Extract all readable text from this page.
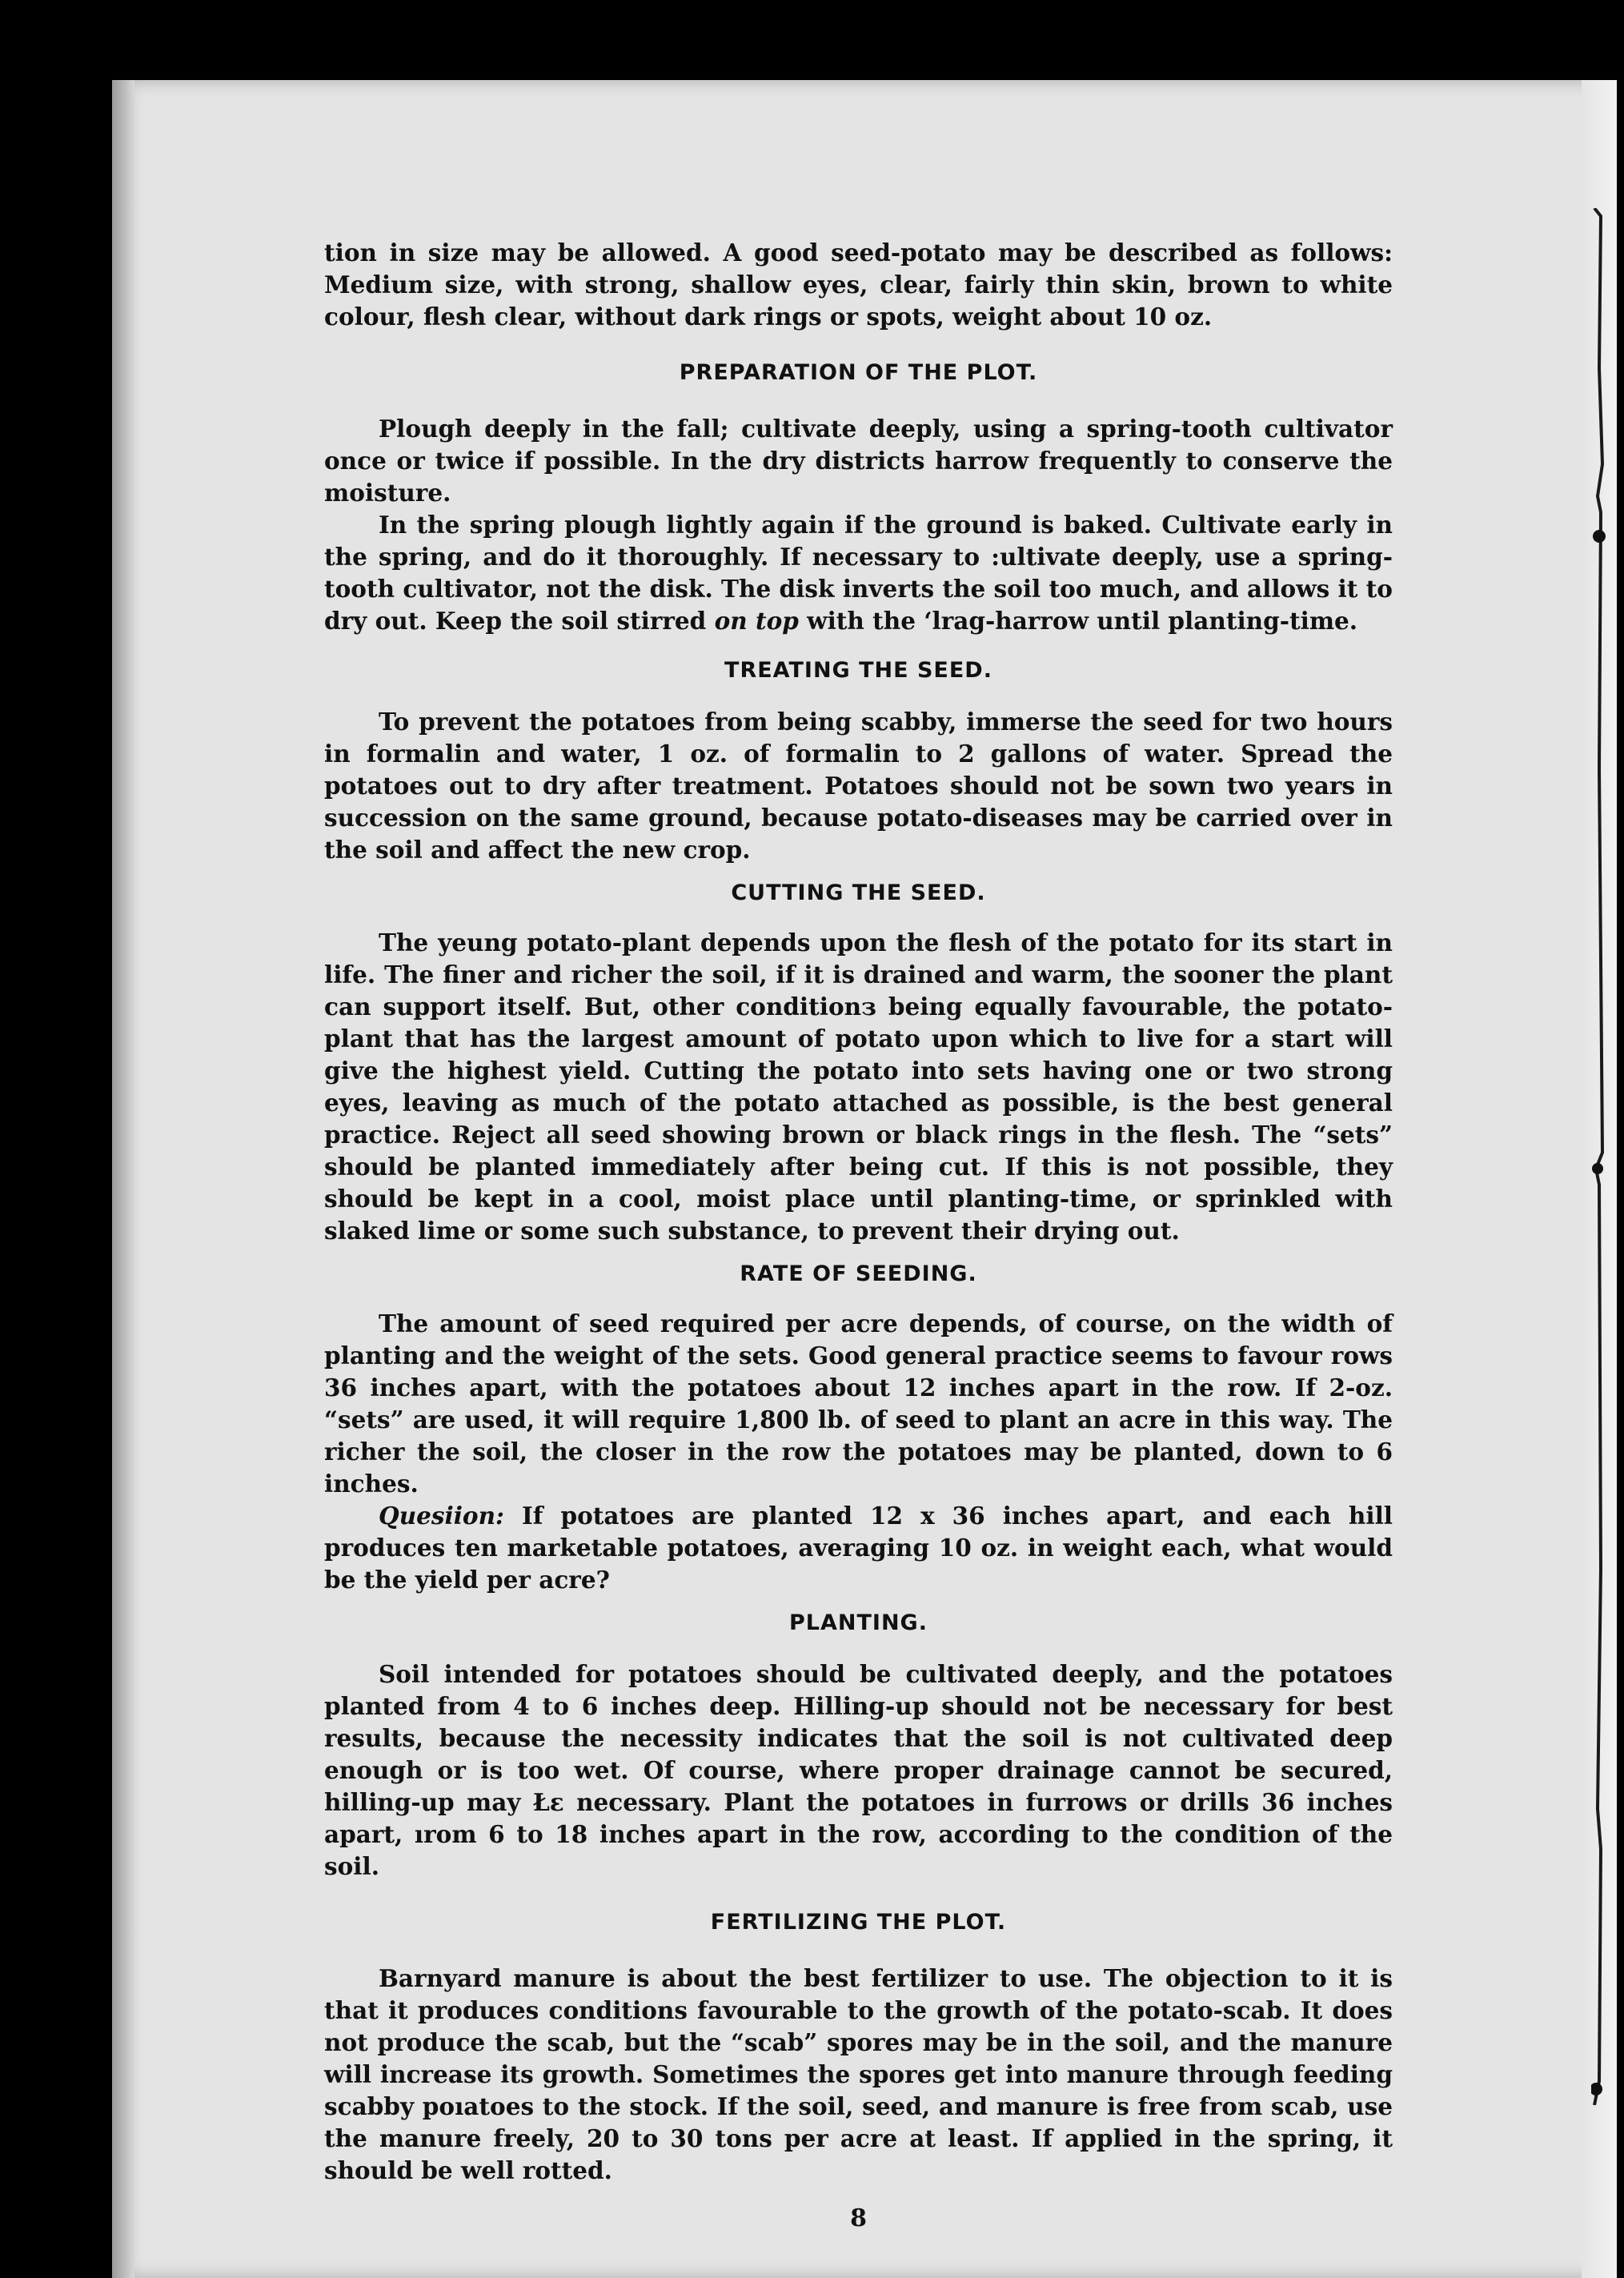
tion in size may be allowed. A good seed-potato may be described as follows: Medium size, with strong, shallow eyes, clear, fairly thin skin, brown to white colour, flesh clear, without dark rings or spots, weight about 10 oz.

PREPARATION OF THE PLOT.

Plough deeply in the fall; cultivate deeply, using a spring-tooth cultivator once or twice if possible. In the dry districts harrow frequently to conserve the moisture.

In the spring plough lightly again if the ground is baked. Cultivate early in the spring, and do it thoroughly. If necessary to :ultivate deeply, use a spring-tooth cultivator, not the disk. The disk inverts the soil too much, and allows it to dry out. Keep the soil stirred on top with the ‘lrag-harrow until planting-time.

TREATING THE SEED.

To prevent the potatoes from being scabby, immerse the seed for two hours in formalin and water, 1 oz. of formalin to 2 gallons of water. Spread the potatoes out to dry after treatment. Potatoes should not be sown two years in succession on the same ground, because potato-diseases may be carried over in the soil and affect the new crop.

CUTTING THE SEED.

The yeung potato-plant depends upon the flesh of the potato for its start in life. The finer and richer the soil, if it is drained and warm, the sooner the plant can support itself. But, other conditionз being equally favourable, the potato-plant that has the largest amount of potato upon which to live for a start will give the highest yield. Cutting the potato into sets having one or two strong eyes, leaving as much of the potato attached as possible, is the best general practice. Reject all seed showing brown or black rings in the flesh. The “sets” should be planted immediately after being cut. If this is not possible, they should be kept in a cool, moist place until planting-time, or sprinkled with slaked lime or some such substance, to prevent their drying out.

RATE OF SEEDING.

The amount of seed required per acre depends, of course, on the width of planting and the weight of the sets. Good general practice seems to favour rows 36 inches apart, with the potatoes about 12 inches apart in the row. If 2-oz. “sets” are used, it will require 1,800 lb. of seed to plant an acre in this way. The richer the soil, the closer in the row the potatoes may be planted, down to 6 inches.

Quesiion: If potatoes are planted 12 x 36 inches apart, and each hill produces ten marketable potatoes, averaging 10 oz. in weight each, what would be the yield per acre?

PLANTING.

Soil intended for potatoes should be cultivated deeply, and the potatoes planted from 4 to 6 inches deep. Hilling-up should not be necessary for best results, because the necessity indicates that the soil is not cultivated deep enough or is too wet. Of course, where proper drainage cannot be secured, hilling-up may Łɛ necessary. Plant the potatoes in furrows or drills 36 inches apart, ırom 6 to 18 inches apart in the row, according to the condition of the soil.

FERTILIZING THE PLOT.

Barnyard manure is about the best fertilizer to use. The objection to it is that it produces conditions favourable to the growth of the potato-scab. It does not produce the scab, but the “scab” spores may be in the soil, and the manure will increase its growth. Sometimes the spores get into manure through feeding scabby poıatoes to the stock. If the soil, seed, and manure is free from scab, use the manure freely, 20 to 30 tons per acre at least. If applied in the spring, it should be well rotted.

8
